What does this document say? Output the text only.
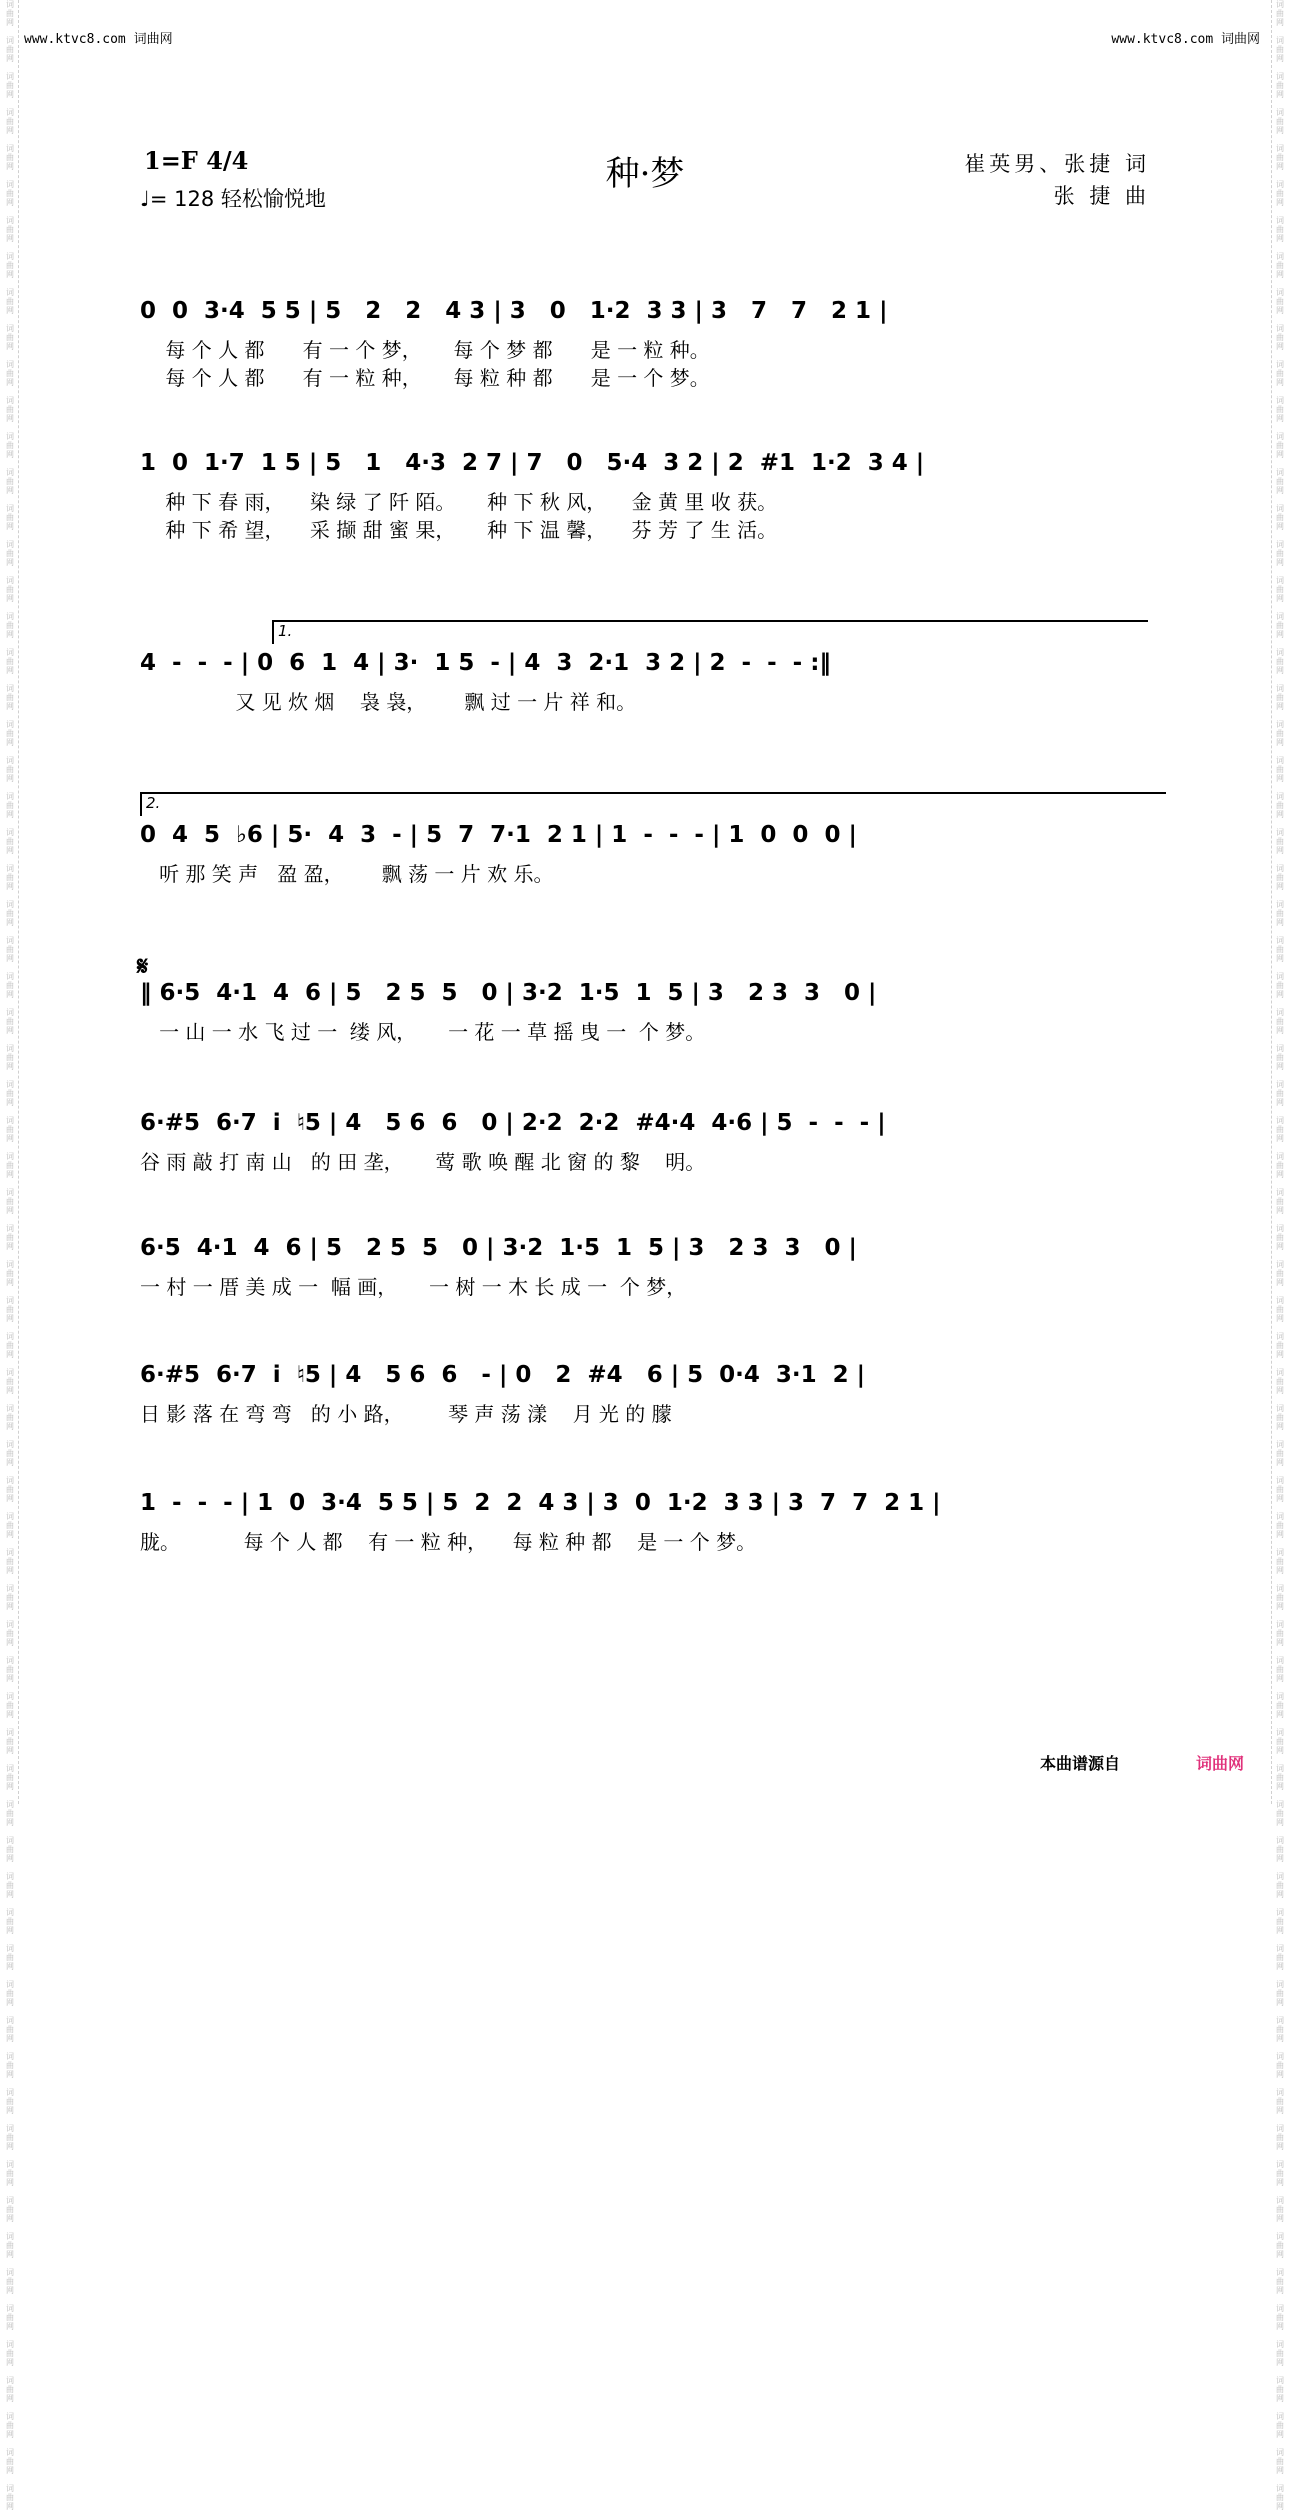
词
曲
网

词
曲
网

词
曲
网

词
曲
网

词
曲
网

词
曲
网

词
曲
网

词
曲
网

词
曲
网

词
曲
网

词
曲
网

词
曲
网

词
曲
网

词
曲
网

词
曲
网

词
曲
网

词
曲
网

词
曲
网

词
曲
网

词
曲
网

词
曲
网

词
曲
网

词
曲
网

词
曲
网

词
曲
网

词
曲
网

词
曲
网

词
曲
网

词
曲
网

词
曲
网

词
曲
网

词
曲
网

词
曲
网

词
曲
网

词
曲
网

词
曲
网

词
曲
网

词
曲
网

词
曲
网

词
曲
网

词
曲
网

词
曲
网

词
曲
网

词
曲
网

词
曲
网

词
曲
网

词
曲
网

词
曲
网

词
曲
网

词
曲
网

词
曲
网

词
曲
网

词
曲
网

词
曲
网

词
曲
网

词
曲
网

词
曲
网

词
曲
网

词
曲
网

词
曲
网

词
曲
网

词
曲
网

词
曲
网

词
曲
网

词
曲
网

词
曲
网

词
曲
网

词
曲
网

词
曲
网

词
曲
网
词
曲
网

词
曲
网

词
曲
网

词
曲
网

词
曲
网

词
曲
网

词
曲
网

词
曲
网

词
曲
网

词
曲
网

词
曲
网

词
曲
网

词
曲
网

词
曲
网

词
曲
网

词
曲
网

词
曲
网

词
曲
网

词
曲
网

词
曲
网

词
曲
网

词
曲
网

词
曲
网

词
曲
网

词
曲
网

词
曲
网

词
曲
网

词
曲
网

词
曲
网

词
曲
网

词
曲
网

词
曲
网

词
曲
网

词
曲
网

词
曲
网

词
曲
网

词
曲
网

词
曲
网

词
曲
网

词
曲
网

词
曲
网

词
曲
网

词
曲
网

词
曲
网

词
曲
网

词
曲
网

词
曲
网

词
曲
网

词
曲
网

词
曲
网

词
曲
网

词
曲
网

词
曲
网

词
曲
网

词
曲
网

词
曲
网

词
曲
网

词
曲
网

词
曲
网

词
曲
网

词
曲
网

词
曲
网

词
曲
网

词
曲
网

词
曲
网

词
曲
网

词
曲
网

词
曲
网

词
曲
网

词
曲
网
www.ktvc8.com 词曲网	www.ktvc8.com 词曲网
1=F 4/4
♩= 128 轻松愉悦地
种·梦	崔英男、张捷 词
张 捷 曲
𝄋
0  0  3·4  5 5 | 5   2   2   4 3 | 3   0   1·2  3 3 | 3   7   7   2 1 |
每 个 人 都      有 一 个 梦，     每 个 梦 都      是 一 粒 种。
每 个 人 都      有 一 粒 种，     每 粒 种 都      是 一 个 梦。
1  0  1·7  1 5 | 5   1   4·3  2 7 | 7   0   5·4  3 2 | 2  #1  1·2  3 4 |
种 下 春 雨，    染 绿 了 阡 陌。     种 下 秋 风，    金 黄 里 收 获。
种 下 希 望，    采 撷 甜 蜜 果，     种 下 温 馨，    芬 芳 了 生 活。
1.
4  -  -  - | 0  6  1  4 | 3·  1 5  - | 4  3  2·1  3 2 | 2  -  -  - :‖
又 见 炊 烟    袅 袅，      飘 过 一 片 祥 和。
2.
0  4  5  ♭6 | 5·  4  3  - | 5  7  7·1  2 1 | 1  -  -  - | 1  0  0  0 |
听 那 笑 声   盈 盈，      飘 荡 一 片 欢 乐。
‖ 6·5  4·1  4  6 | 5   2 5  5   0 | 3·2  1·5  1  5 | 3   2 3  3   0 |
一 山 一 水 飞 过 一  缕 风，     一 花 一 草 摇 曳 一  个 梦。
6·#5  6·7  i  ♮5 | 4   5 6  6   0 | 2·2  2·2  #4·4  4·6 | 5  -  -  - |
谷 雨 敲 打 南 山   的 田 垄，     莺 歌 唤 醒 北 窗 的 黎    明。
6·5  4·1  4  6 | 5   2 5  5   0 | 3·2  1·5  1  5 | 3   2 3  3   0 |
一 村 一 厝 美 成 一  幅 画，     一 树 一 木 长 成 一  个 梦，
6·#5  6·7  i  ♮5 | 4   5 6  6   - | 0   2  #4   6 | 5  0·4  3·1  2 |
日 影 落 在 弯 弯   的 小 路，       琴 声 荡 漾    月 光 的 朦
1  -  -  - | 1  0  3·4  5 5 | 5  2  2  4 3 | 3  0  1·2  3 3 | 3  7  7  2 1 |
胧。          每 个 人 都    有 一 粒 种，    每 粒 种 都    是 一 个 梦。
本曲谱源自	词曲网
